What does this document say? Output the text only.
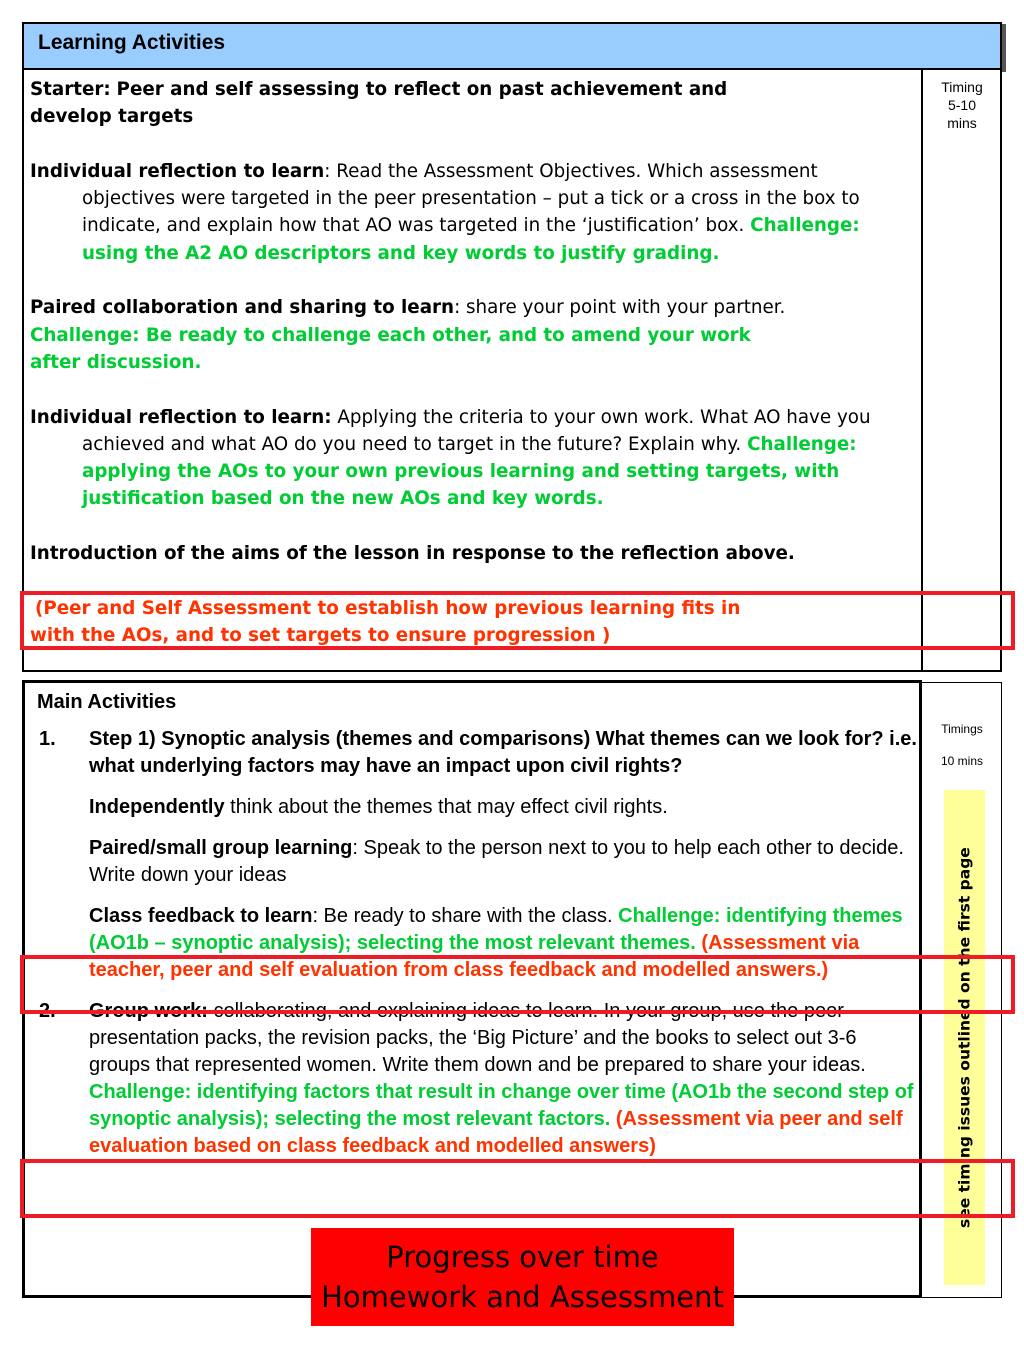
Learning Activities
Timing
5-10
mins

Starter: Peer and self assessing to reflect on past achievement and develop targets

Individual reflection to learn: Read the Assessment Objectives. Which assessment objectives were targeted in the peer presentation – put a tick or a cross in the box to indicate, and explain how that AO was targeted in the ‘justification’ box. Challenge: using the A2 AO descriptors and key words to justify grading.

Paired collaboration and sharing to learn: share your point with your partner.

Challenge: Be ready to challenge each other, and to amend your work after discussion.

Individual reflection to learn: Applying the criteria to your own work. What AO have you achieved and what AO do you need to target in the future? Explain why. Challenge: applying the AOs to your own previous learning and setting targets, with justification based on the new AOs and key words.

Introduction of the aims of the lesson in response to the reflection above.

(Peer and Self Assessment to establish how previous learning fits in with the AOs, and to set targets to ensure progression )

Main Activities

1. Step 1) Synoptic analysis (themes and comparisons) What themes can we look for? i.e. what underlying factors may have an impact upon civil rights?

Independently think about the themes that may effect civil rights.

Paired/small group learning: Speak to the person next to you to help each other to decide. Write down your ideas

Class feedback to learn: Be ready to share with the class. Challenge: identifying themes (AO1b – synoptic analysis); selecting the most relevant themes. (Assessment via teacher, peer and self evaluation from class feedback and modelled answers.)

2. Group work: collaborating, and explaining ideas to learn. In your group, use the peer presentation packs, the revision packs, the ‘Big Picture’ and the books to select out 3-6 groups that represented women. Write them down and be prepared to share your ideas. Challenge: identifying factors that result in change over time (AO1b the second step of synoptic analysis); selecting the most relevant factors. (Assessment via peer and self evaluation based on class feedback and modelled answers)

Timings
10 mins
see timing issues outlined on the first page
Progress over time
Homework and Assessment
